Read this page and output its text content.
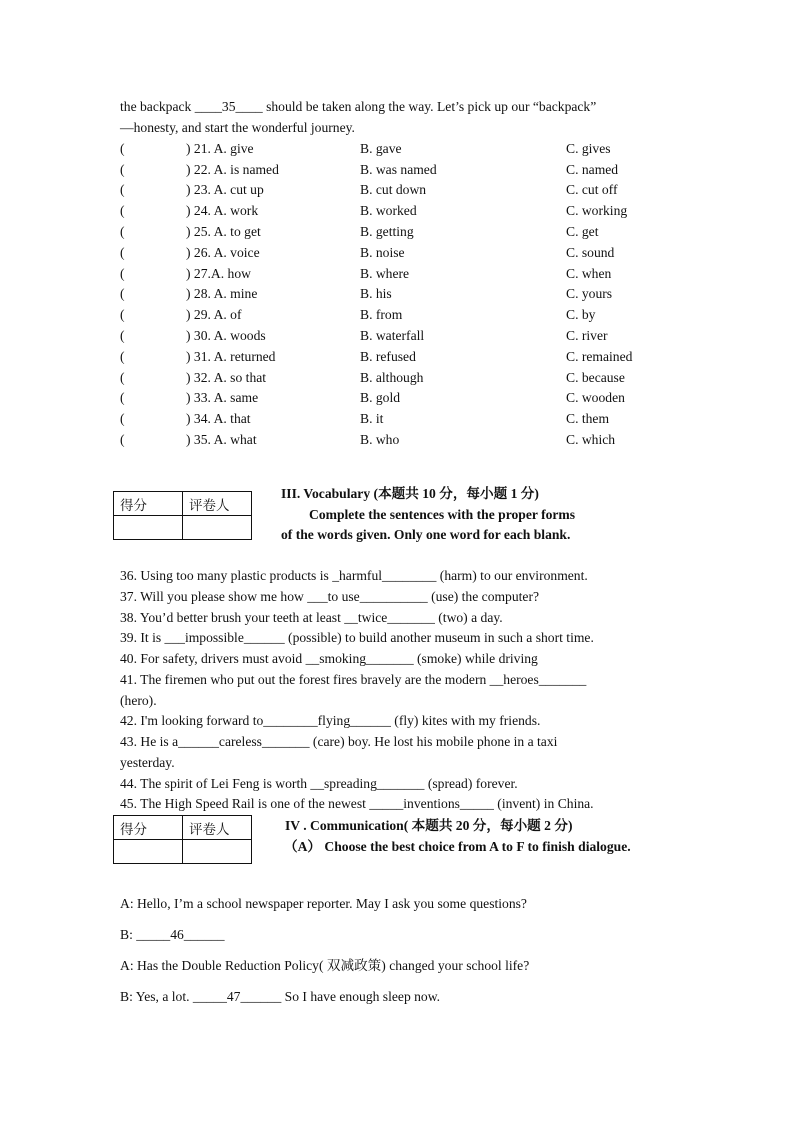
the backpack ____35____ should be taken along the way. Let’s pick up our “backpack”
—honesty, and start the wonderful journey.
(	) 21. A. give	B. gave	C. gives
(	) 22. A. is named	B. was named	C. named
(	) 23. A. cut up	B. cut down	C. cut off
(	) 24. A. work	B. worked	C. working
(	) 25. A. to get	B. getting	C. get
(	) 26. A. voice	B. noise	C. sound
(	) 27.A. how	B. where	C. when
(	) 28. A. mine	B. his	C. yours
(	) 29. A. of	B. from	C. by
(	) 30. A. woods	B. waterfall	C. river
(	) 31. A. returned	B. refused	C. remained
(	) 32. A. so that	B. although	C. because
(	) 33. A. same	B. gold	C. wooden
(	) 34. A. that	B. it	C. them
(	) 35. A. what	B. who	C. which
得分	评卷人

III. Vocabulary (本题共 10 分，每小题 1 分)
Complete the sentences with the proper forms
of the words given. Only one word for each blank.
36. Using too many plastic products is _harmful________ (harm) to our environment.
37. Will you please show me how ___to use__________ (use) the computer?
38. You’d better brush your teeth at least __twice_______ (two) a day.
39. It is ___impossible______ (possible) to build another museum in such a short time.
40. For safety, drivers must avoid __smoking_______ (smoke) while driving
41. The firemen who put out the forest fires bravely are the modern __heroes_______
(hero).
42. I'm looking forward to________flying______ (fly) kites with my friends.
43. He is a______careless_______ (care) boy. He lost his mobile phone in a taxi
yesterday.
44. The spirit of Lei Feng is worth __spreading_______ (spread) forever.
45. The High Speed Rail is one of the newest _____inventions_____ (invent) in China.
得分	评卷人
		IV . Communication( 本题共 20 分，每小题 2 分)
（A） Choose the best choice from A to F to finish dialogue.
A: Hello, I’m a school newspaper reporter. May I ask you some questions?
B: _____46______
A: Has the Double Reduction Policy( 双减政策) changed your school life?
B: Yes, a lot. _____47______ So I have enough sleep now.
